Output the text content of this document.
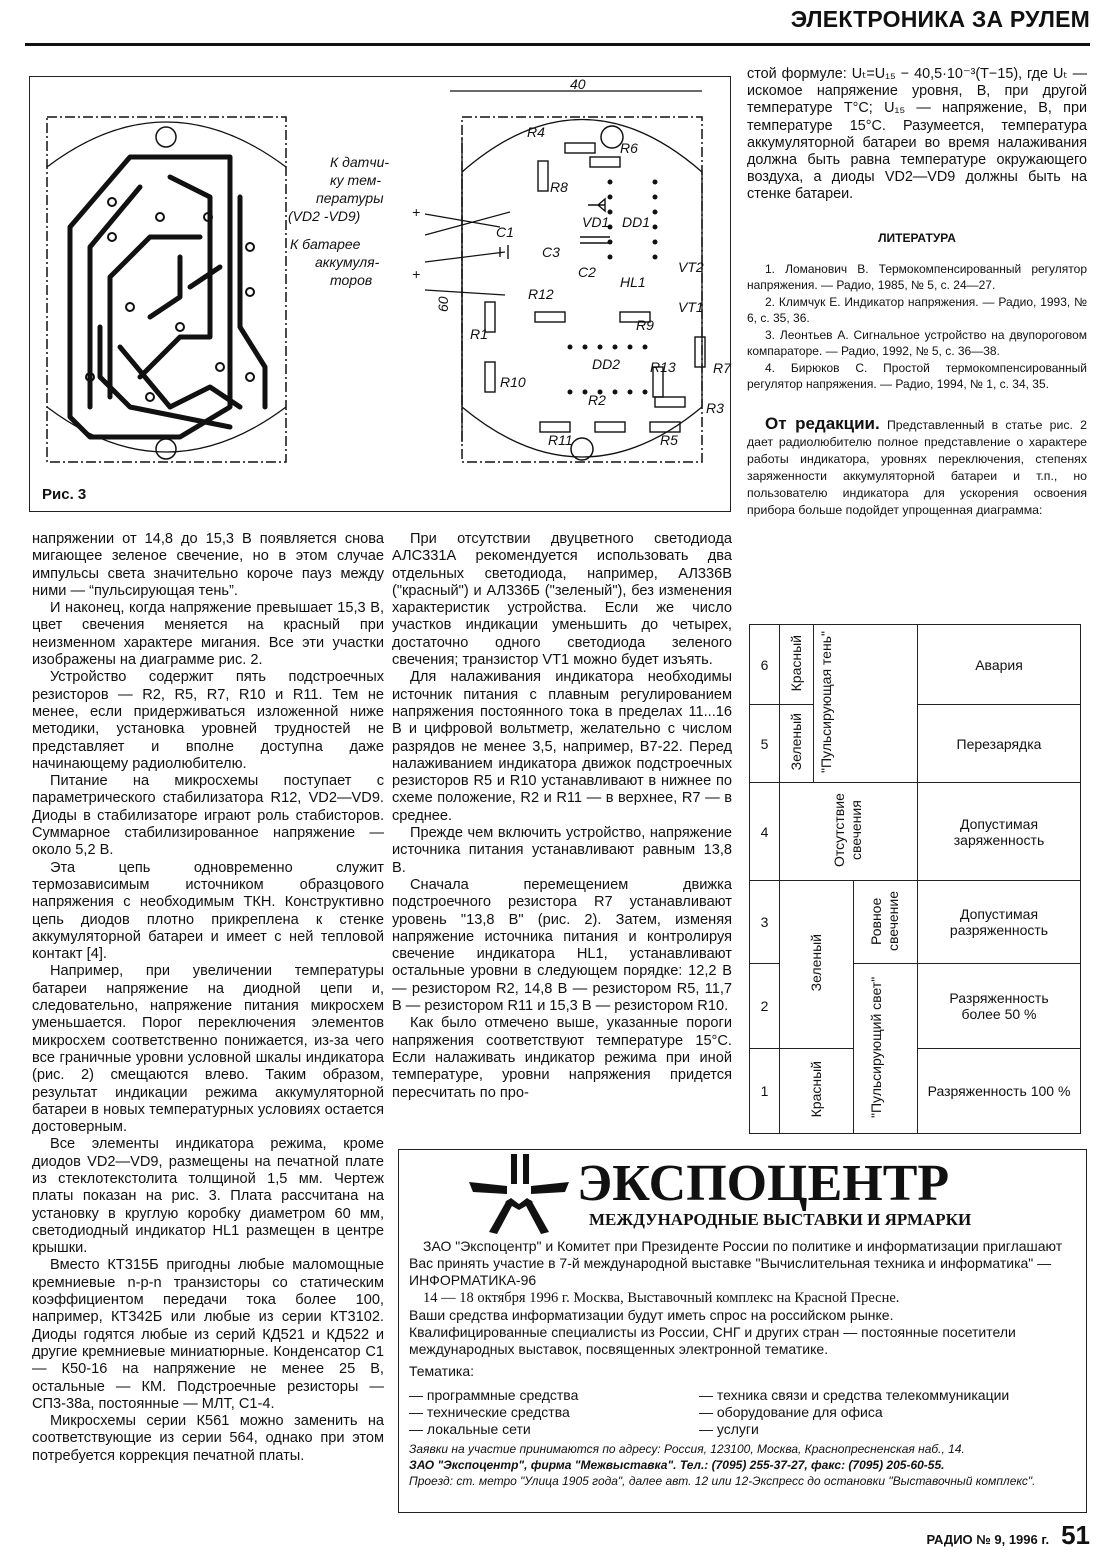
ЭЛЕКТРОНИКА ЗА РУЛЕМ
40
60
К датчи-
ку тем-
пературы
(VD2 -VD9)
К батарее
аккумуля-
торов
+
+
R4
R6
R8
VD1 DD1
C1
C3
C2
HL1
VT2
VT1
R12
R9
R1
DD2 R13	R7
R10
R3
R2
R11	R5
Рис. 3

напряжении от 14,8 до 15,3 В появляется снова мигающее зеленое свечение, но в этом случае импульсы света значительно короче пауз между ними — “пульсирующая тень”.

И наконец, когда напряжение превышает 15,3 В, цвет свечения меняется на красный при неизменном характере мигания. Все эти участки изображены на диаграмме рис. 2.

Устройство содержит пять подстроечных резисторов — R2, R5, R7, R10 и R11. Тем не менее, если придерживаться изложенной ниже методики, установка уровней трудностей не представляет и вполне доступна даже начинающему радиолюбителю.

Питание на микросхемы поступает с параметрического стабилизатора R12, VD2—VD9. Диоды в стабилизаторе играют роль стабисторов. Суммарное стабилизированное напряжение — около 5,2 В.

Эта цепь одновременно служит термозависимым источником образцового напряжения с необходимым ТКН. Конструктивно цепь диодов плотно прикреплена к стенке аккумуляторной батареи и имеет с ней тепловой контакт [4].

Например, при увеличении температуры батареи напряжение на диодной цепи и, следовательно, напряжение питания микросхем уменьшается. Порог переключения элементов микросхем соответственно понижается, из-за чего все граничные уровни условной шкалы индикатора (рис. 2) смещаются влево. Таким образом, результат индикации режима аккумуляторной батареи в новых температурных условиях остается достоверным.

Все элементы индикатора режима, кроме диодов VD2—VD9, размещены на печатной плате из стеклотекстолита толщиной 1,5 мм. Чертеж платы показан на рис. 3. Плата рассчитана на установку в круглую коробку диаметром 60 мм, светодиодный индикатор HL1 размещен в центре крышки.

Вместо КТ315Б пригодны любые маломощные кремниевые n-p-n транзисторы со статическим коэффициентом передачи тока более 100, например, КТ342Б или любые из серии КТ3102. Диоды годятся любые из серий КД521 и КД522 и другие кремниевые миниатюрные. Конденсатор С1 — К50-16 на напряжение не менее 25 В, остальные — КМ. Подстроечные резисторы — СП3-38а, постоянные — МЛТ, С1-4.

Микросхемы серии К561 можно заменить на соответствующие из серии 564, однако при этом потребуется коррекция печатной платы.

При отсутствии двуцветного светодиода АЛС331А рекомендуется использовать два отдельных светодиода, например, АЛ336В ("красный") и АЛ336Б ("зеленый"), без изменения характеристик устройства. Если же число участков индикации уменьшить до четырех, достаточно одного светодиода зеленого свечения; транзистор VT1 можно будет изъять.

Для налаживания индикатора необходимы источник питания с плавным регулированием напряжения постоянного тока в пределах 11...16 В и цифровой вольтметр, желательно с числом разрядов не менее 3,5, например, В7-22. Перед налаживанием индикатора движок подстроечных резисторов R5 и R10 устанавливают в нижнее по схеме положение, R2 и R11 — в верхнее, R7 — в среднее.

Прежде чем включить устройство, напряжение источника питания устанавливают равным 13,8 В.

Сначала перемещением движка подстроечного резистора R7 устанавливают уровень "13,8 В" (рис. 2). Затем, изменяя напряжение источника питания и контролируя свечение индикатора HL1, устанавливают остальные уровни в следующем порядке: 12,2 В — резистором R2, 14,8 В — резистором R5, 11,7 В — резистором R11 и 15,3 В — резистором R10.

Как было отмечено выше, указанные пороги напряжения соответствуют температуре 15°С. Если налаживать индикатор режима при иной температуре, уровни напряжения придется пересчитать по про-

стой формуле: Uₜ=U₁₅ − 40,5·10⁻³(Т−15), где Uₜ — искомое напряжение уровня, В, при другой температуре Т°С; U₁₅ — напряжение, В, при температуре 15°С. Разумеется, температура аккумуляторной батареи во время налаживания должна быть равна температуре окружающего воздуха, а диоды VD2—VD9 должны быть на стенке батареи.

ЛИТЕРАТУРА

1. Ломанович В. Термокомпенсированный регулятор напряжения. — Радио, 1985, № 5, с. 24—27.

2. Климчук Е. Индикатор напряжения. — Радио, 1993, № 6, с. 35, 36.

3. Леонтьев А. Сигнальное устройство на двупороговом компараторе. — Радио, 1992, № 5, с. 36—38.

4. Бирюков С. Простой термокомпенсированный регулятор напряжения. — Радио, 1994, № 1, с. 34, 35.

От редакции. Представленный в статье рис. 2 дает радиолюбителю полное представление о характере работы индикатора, уровнях переключения, степенях заряженности аккумуляторной батареи и т.п., но пользователю индикатора для ускорения освоения прибора больше подойдет упрощенная диаграмма:

6	Красный	"Пульсирующая тень"		Авария
5	Зеленый			Перезарядка
4	Отсутствие свечения			Допустимая заряженность
3	Зеленый		Ровное свечение	Допустимая разряженность
2			"Пульсирующий свет"	Разряженность более 50 %
1	Красный			Разряженность 100 %
ЭКСПОЦЕНТР
МЕЖДУНАРОДНЫЕ ВЫСТАВКИ И ЯРМАРКИ

ЗАО "Экспоцентр" и Комитет при Президенте России по политике и информатизации приглашают Вас принять участие в 7-й международной выставке "Вычислительная техника и информатика" — ИНФОРМАТИКА-96

14 — 18 октября 1996 г. Москва, Выставочный комплекс на Красной Пресне.

Ваши средства информатизации будут иметь спрос на российском рынке.

Квалифицированные специалисты из России, СНГ и других стран — постоянные посетители международных выставок, посвященных электронной тематике.

Тематика:

— программные средства	— техника связи и средства телекоммуникации
— технические средства	— оборудование для офиса
— локальные сети	— услуги
Заявки на участие принимаются по адресу: Россия, 123100, Москва, Краснопресненская наб., 14.
ЗАО "Экспоцентр", фирма "Межвыставка". Тел.: (7095) 255-37-27, факс: (7095) 205-60-55.
Проезд: ст. метро "Улица 1905 года", далее авт. 12 или 12-Экспресс до остановки "Выставочный комплекс".
РАДИО № 9, 1996 г. 51
